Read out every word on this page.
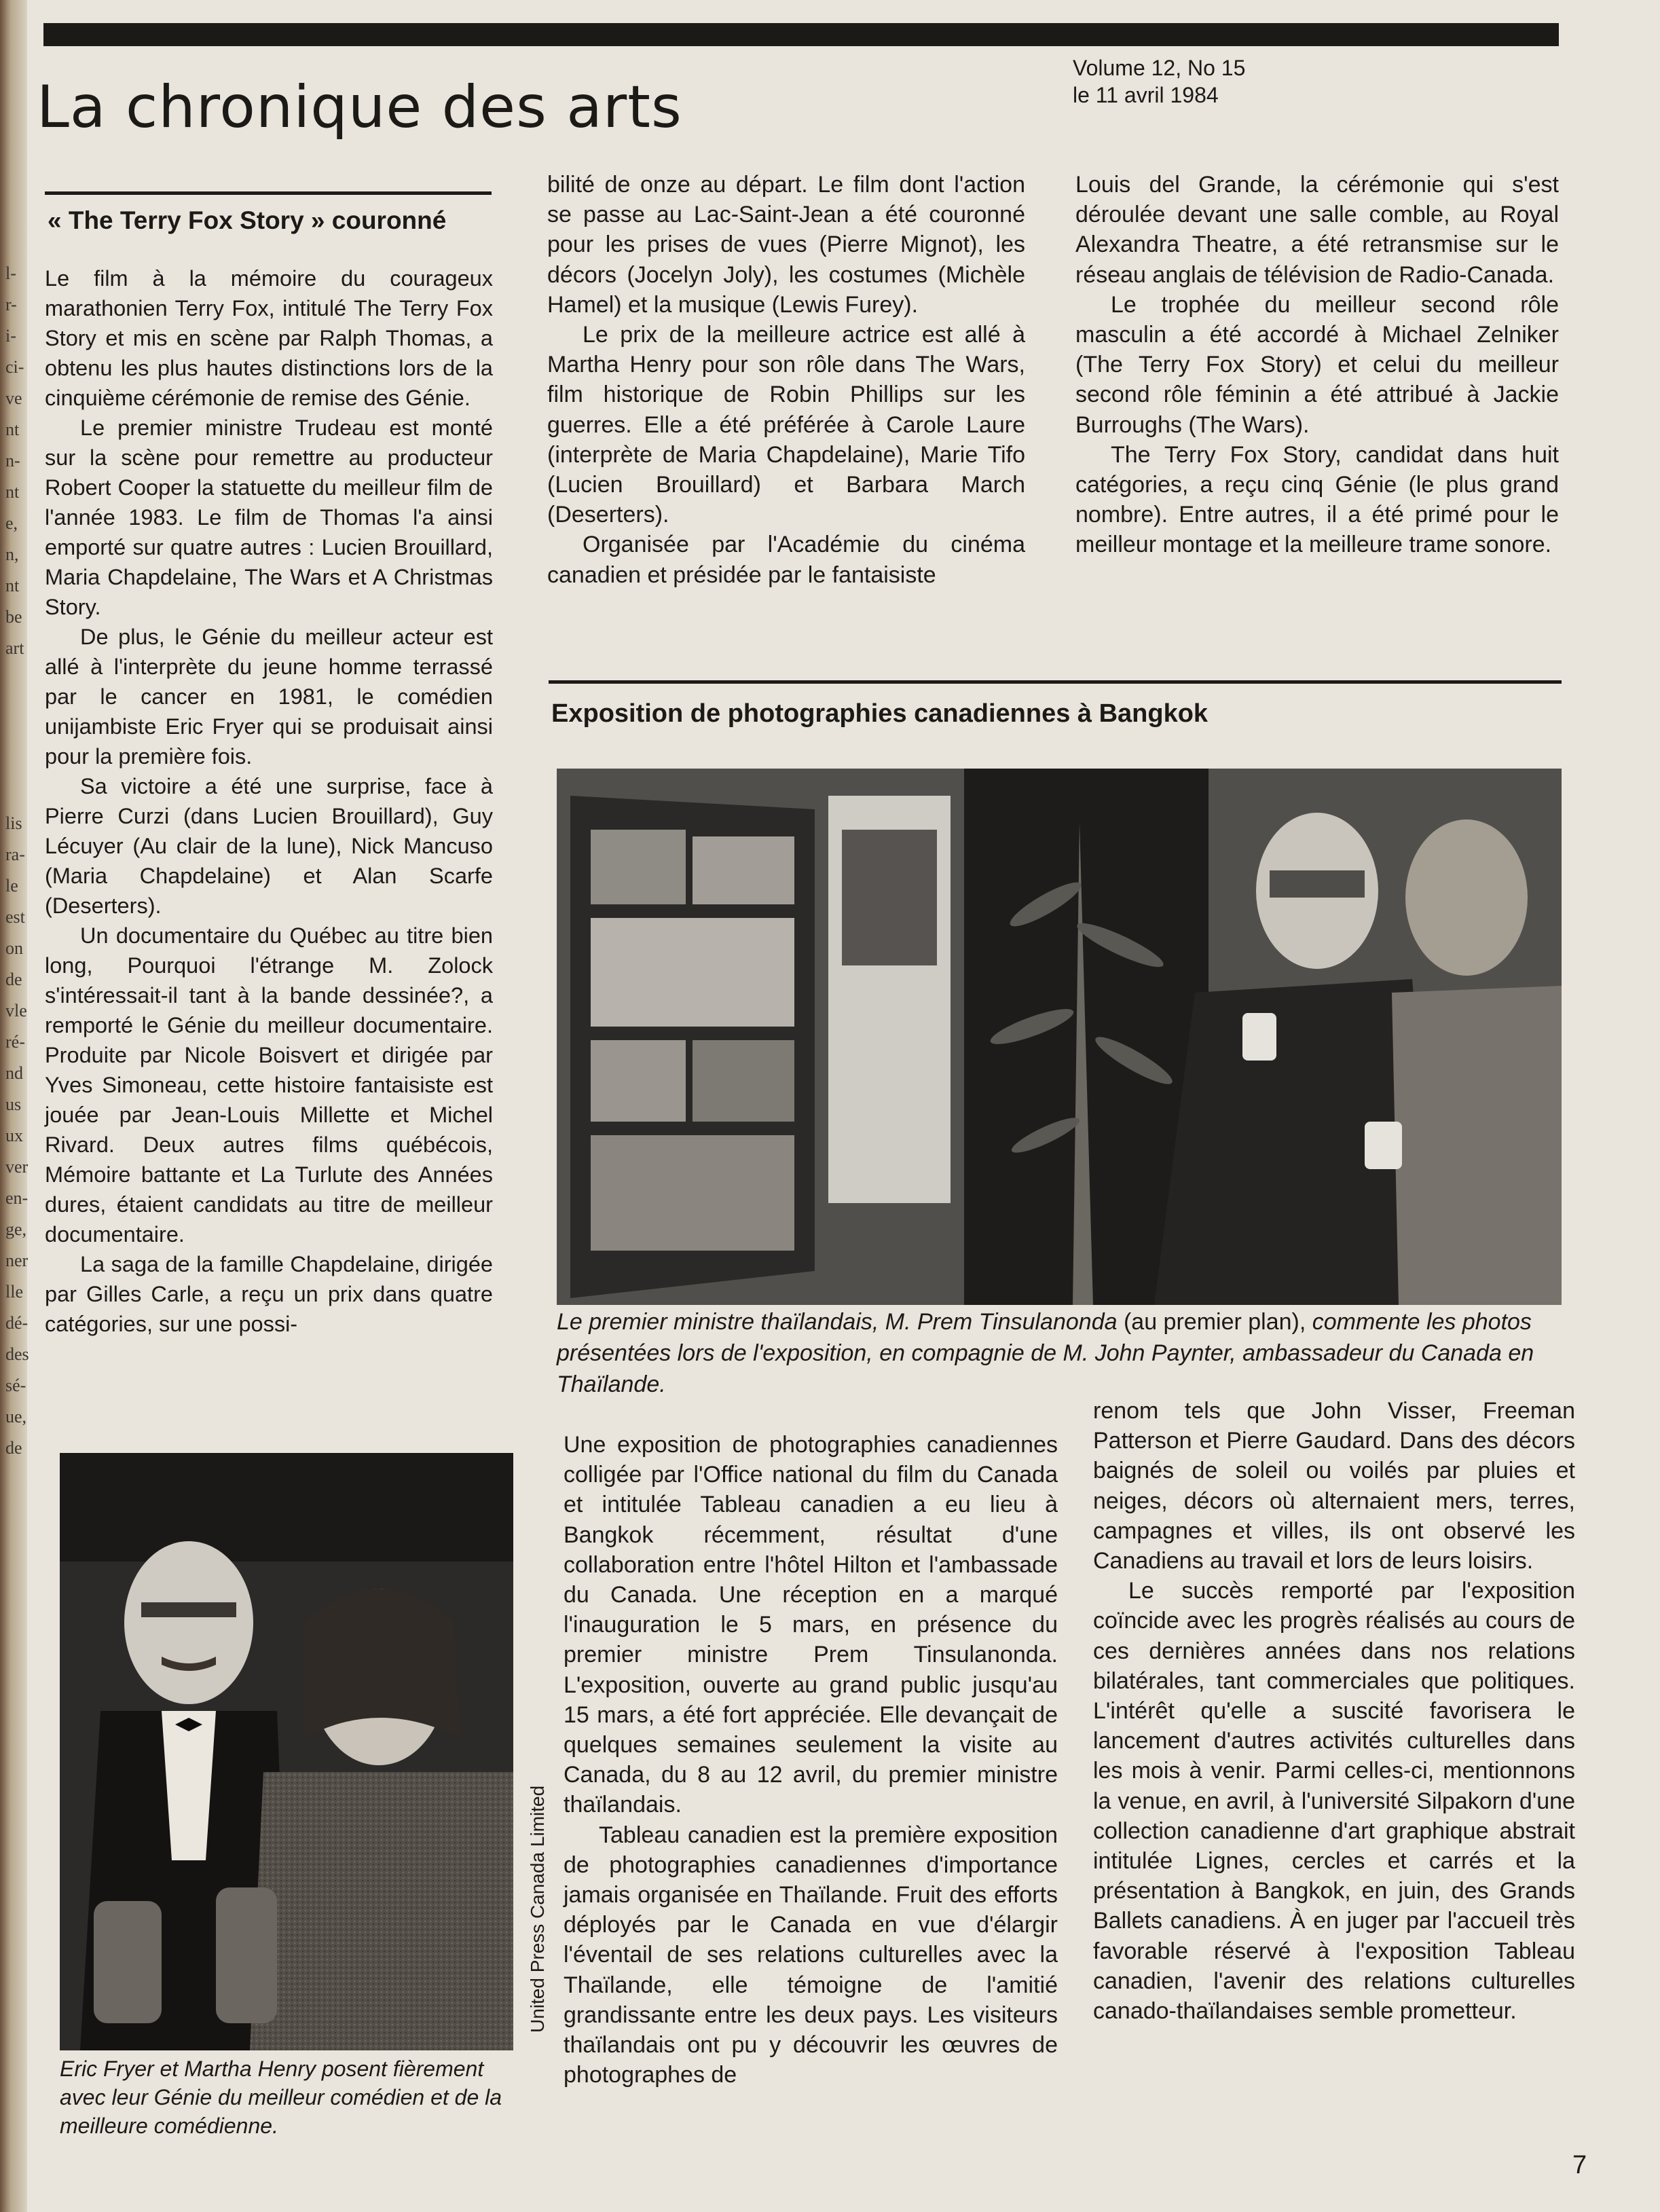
l-
r-
i-
ci-
ve
nt
n-
nt
e,
n,
nt
be
art
lis
ra-
le
est
on
de
vle
ré-
nd
us
ux
ver
en-
ge,
ner
lle
dé-
des
sé-
ue,
de
La chronique des arts
Volume 12, No 15
le 11 avril 1984
« The Terry Fox Story » couronné

Le film à la mémoire du courageux marathonien Terry Fox, intitulé The Terry Fox Story et mis en scène par Ralph Thomas, a obtenu les plus hautes distinctions lors de la cinquième cérémonie de remise des Génie.

Le premier ministre Trudeau est monté sur la scène pour remettre au producteur Robert Cooper la statuette du meilleur film de l'année 1983. Le film de Thomas l'a ainsi emporté sur quatre autres : Lucien Brouillard, Maria Chapdelaine, The Wars et A Christmas Story.

De plus, le Génie du meilleur acteur est allé à l'interprète du jeune homme terrassé par le cancer en 1981, le comédien unijambiste Eric Fryer qui se produisait ainsi pour la première fois.

Sa victoire a été une surprise, face à Pierre Curzi (dans Lucien Brouillard), Guy Lécuyer (Au clair de la lune), Nick Mancuso (Maria Chapdelaine) et Alan Scarfe (Deserters).

Un documentaire du Québec au titre bien long, Pourquoi l'étrange M. Zolock s'intéressait-il tant à la bande dessinée?, a remporté le Génie du meilleur documentaire. Produite par Nicole Boisvert et dirigée par Yves Simoneau, cette histoire fantaisiste est jouée par Jean-Louis Millette et Michel Rivard. Deux autres films québécois, Mémoire battante et La Turlute des Années dures, étaient candidats au titre de meilleur documentaire.

La saga de la famille Chapdelaine, dirigée par Gilles Carle, a reçu un prix dans quatre catégories, sur une possi-

bilité de onze au départ. Le film dont l'action se passe au Lac-Saint-Jean a été couronné pour les prises de vues (Pierre Mignot), les décors (Jocelyn Joly), les costumes (Michèle Hamel) et la musique (Lewis Furey).

Le prix de la meilleure actrice est allé à Martha Henry pour son rôle dans The Wars, film historique de Robin Phillips sur les guerres. Elle a été préférée à Carole Laure (interprète de Maria Chapdelaine), Marie Tifo (Lucien Brouillard) et Barbara March (Deserters).

Organisée par l'Académie du cinéma canadien et présidée par le fantaisiste

Louis del Grande, la cérémonie qui s'est déroulée devant une salle comble, au Royal Alexandra Theatre, a été retransmise sur le réseau anglais de télévision de Radio-Canada.

Le trophée du meilleur second rôle masculin a été accordé à Michael Zelniker (The Terry Fox Story) et celui du meilleur second rôle féminin a été attribué à Jackie Burroughs (The Wars).

The Terry Fox Story, candidat dans huit catégories, a reçu cinq Génie (le plus grand nombre). Entre autres, il a été primé pour le meilleur montage et la meilleure trame sonore.

United Press Canada Limited
Eric Fryer et Martha Henry posent fièrement avec leur Génie du meilleur comédien et de la meilleure comédienne.
Exposition de photographies canadiennes à Bangkok
Le premier ministre thaïlandais, M. Prem Tinsulanonda (au premier plan), commente les photos présentées lors de l'exposition, en compagnie de M. John Paynter, ambassadeur du Canada en Thaïlande.

Une exposition de photographies canadiennes colligée par l'Office national du film du Canada et intitulée Tableau canadien a eu lieu à Bangkok récemment, résultat d'une collaboration entre l'hôtel Hilton et l'ambassade du Canada. Une réception en a marqué l'inauguration le 5 mars, en présence du premier ministre Prem Tinsulanonda. L'exposition, ouverte au grand public jusqu'au 15 mars, a été fort appréciée. Elle devançait de quelques semaines seulement la visite au Canada, du 8 au 12 avril, du premier ministre thaïlandais.

Tableau canadien est la première exposition de photographies canadiennes d'importance jamais organisée en Thaïlande. Fruit des efforts déployés par le Canada en vue d'élargir l'éventail de ses relations culturelles avec la Thaïlande, elle témoigne de l'amitié grandissante entre les deux pays. Les visiteurs thaïlandais ont pu y découvrir les œuvres de photographes de

renom tels que John Visser, Freeman Patterson et Pierre Gaudard. Dans des décors baignés de soleil ou voilés par pluies et neiges, décors où alternaient mers, terres, campagnes et villes, ils ont observé les Canadiens au travail et lors de leurs loisirs.

Le succès remporté par l'exposition coïncide avec les progrès réalisés au cours de ces dernières années dans nos relations bilatérales, tant commerciales que politiques. L'intérêt qu'elle a suscité favorisera le lancement d'autres activités culturelles dans les mois à venir. Parmi celles-ci, mentionnons la venue, en avril, à l'université Silpakorn d'une collection canadienne d'art graphique abstrait intitulée Lignes, cercles et carrés et la présentation à Bangkok, en juin, des Grands Ballets canadiens. À en juger par l'accueil très favorable réservé à l'exposition Tableau canadien, l'avenir des relations culturelles canado-thaïlandaises semble prometteur.

7
